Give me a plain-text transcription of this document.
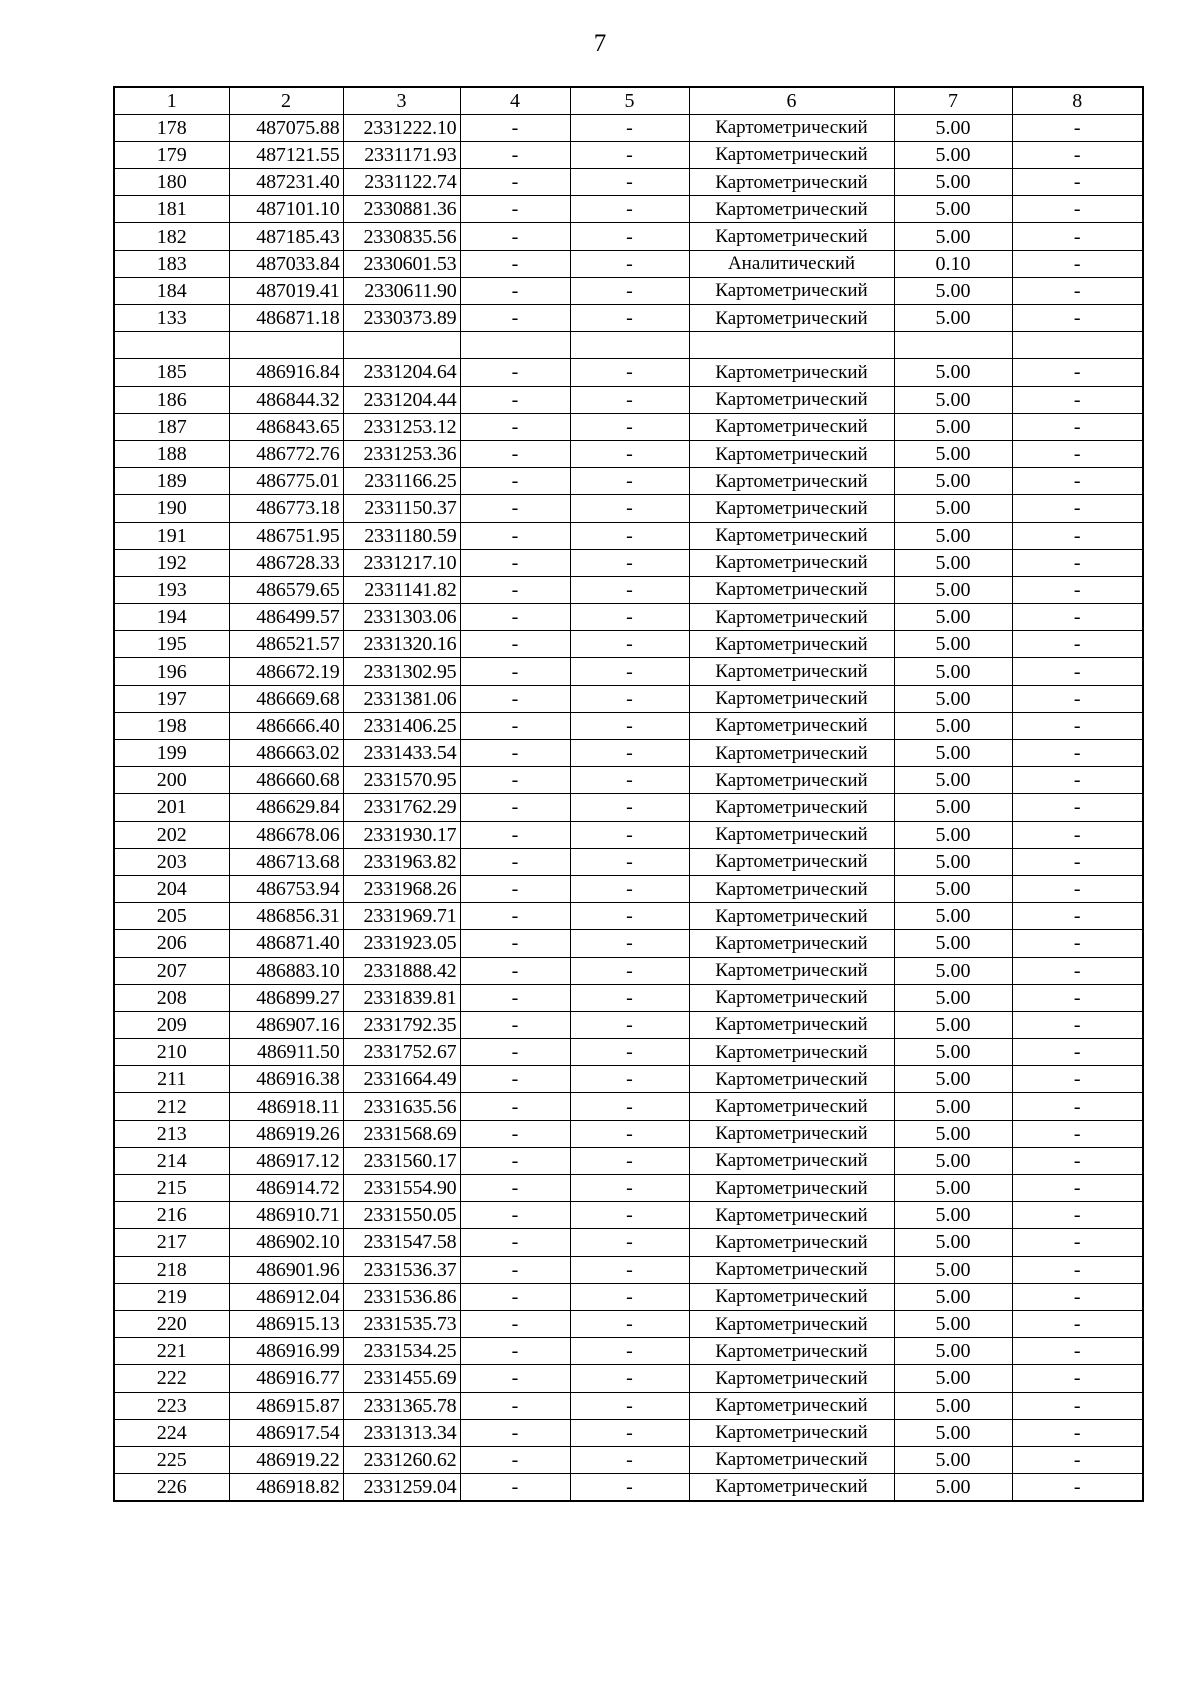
7
1	2	3	4	5	6	7	8
178	487075.88	2331222.10	-	-	Картометрический	5.00	-
179	487121.55	2331171.93	-	-	Картометрический	5.00	-
180	487231.40	2331122.74	-	-	Картометрический	5.00	-
181	487101.10	2330881.36	-	-	Картометрический	5.00	-
182	487185.43	2330835.56	-	-	Картометрический	5.00	-
183	487033.84	2330601.53	-	-	Аналитический	0.10	-
184	487019.41	2330611.90	-	-	Картометрический	5.00	-
133	486871.18	2330373.89	-	-	Картометрический	5.00	-

185	486916.84	2331204.64	-	-	Картометрический	5.00	-
186	486844.32	2331204.44	-	-	Картометрический	5.00	-
187	486843.65	2331253.12	-	-	Картометрический	5.00	-
188	486772.76	2331253.36	-	-	Картометрический	5.00	-
189	486775.01	2331166.25	-	-	Картометрический	5.00	-
190	486773.18	2331150.37	-	-	Картометрический	5.00	-
191	486751.95	2331180.59	-	-	Картометрический	5.00	-
192	486728.33	2331217.10	-	-	Картометрический	5.00	-
193	486579.65	2331141.82	-	-	Картометрический	5.00	-
194	486499.57	2331303.06	-	-	Картометрический	5.00	-
195	486521.57	2331320.16	-	-	Картометрический	5.00	-
196	486672.19	2331302.95	-	-	Картометрический	5.00	-
197	486669.68	2331381.06	-	-	Картометрический	5.00	-
198	486666.40	2331406.25	-	-	Картометрический	5.00	-
199	486663.02	2331433.54	-	-	Картометрический	5.00	-
200	486660.68	2331570.95	-	-	Картометрический	5.00	-
201	486629.84	2331762.29	-	-	Картометрический	5.00	-
202	486678.06	2331930.17	-	-	Картометрический	5.00	-
203	486713.68	2331963.82	-	-	Картометрический	5.00	-
204	486753.94	2331968.26	-	-	Картометрический	5.00	-
205	486856.31	2331969.71	-	-	Картометрический	5.00	-
206	486871.40	2331923.05	-	-	Картометрический	5.00	-
207	486883.10	2331888.42	-	-	Картометрический	5.00	-
208	486899.27	2331839.81	-	-	Картометрический	5.00	-
209	486907.16	2331792.35	-	-	Картометрический	5.00	-
210	486911.50	2331752.67	-	-	Картометрический	5.00	-
211	486916.38	2331664.49	-	-	Картометрический	5.00	-
212	486918.11	2331635.56	-	-	Картометрический	5.00	-
213	486919.26	2331568.69	-	-	Картометрический	5.00	-
214	486917.12	2331560.17	-	-	Картометрический	5.00	-
215	486914.72	2331554.90	-	-	Картометрический	5.00	-
216	486910.71	2331550.05	-	-	Картометрический	5.00	-
217	486902.10	2331547.58	-	-	Картометрический	5.00	-
218	486901.96	2331536.37	-	-	Картометрический	5.00	-
219	486912.04	2331536.86	-	-	Картометрический	5.00	-
220	486915.13	2331535.73	-	-	Картометрический	5.00	-
221	486916.99	2331534.25	-	-	Картометрический	5.00	-
222	486916.77	2331455.69	-	-	Картометрический	5.00	-
223	486915.87	2331365.78	-	-	Картометрический	5.00	-
224	486917.54	2331313.34	-	-	Картометрический	5.00	-
225	486919.22	2331260.62	-	-	Картометрический	5.00	-
226	486918.82	2331259.04	-	-	Картометрический	5.00	-
